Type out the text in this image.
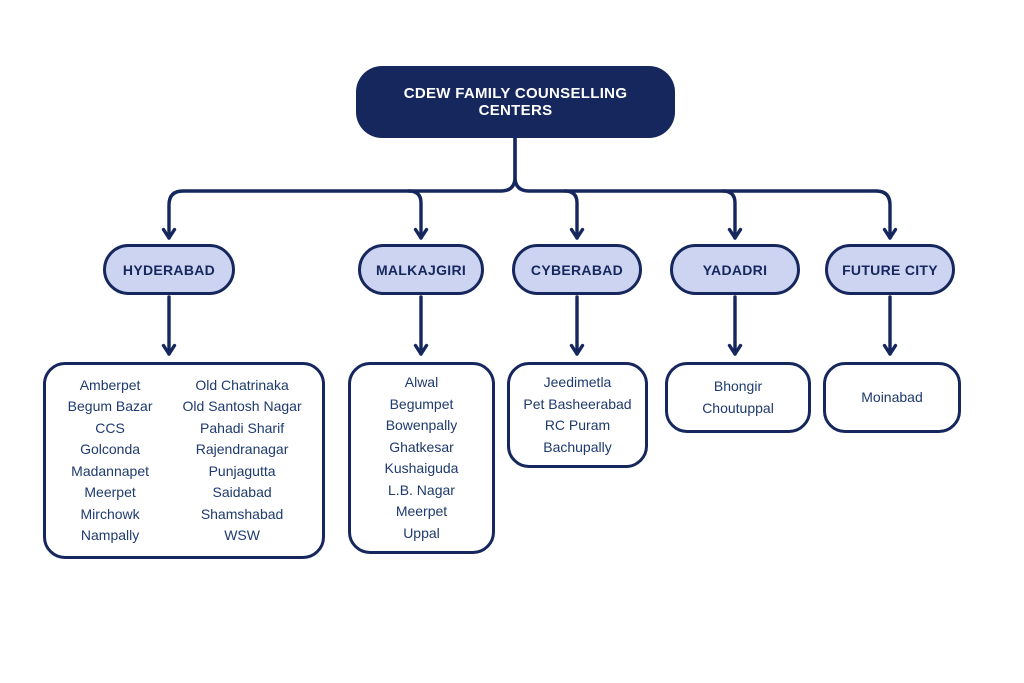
CDEW FAMILY COUNSELLING CENTERS
HYDERABAD	MALKAJGIRI	CYBERABAD	YADADRI	FUTURE CITY
Amberpet
Begum Bazar
CCS
Golconda
Madannapet
Meerpet
Mirchowk
Nampally
Old Chatrinaka
Old Santosh Nagar
Pahadi Sharif
Rajendranagar
Punjagutta
Saidabad
Shamshabad
WSW
Alwal
Begumpet
Bowenpally
Ghatkesar
Kushaiguda
L.B. Nagar
Meerpet
Uppal
Jeedimetla
Pet Basheerabad
RC Puram
Bachupally
Bhongir
Choutuppal
Moinabad
